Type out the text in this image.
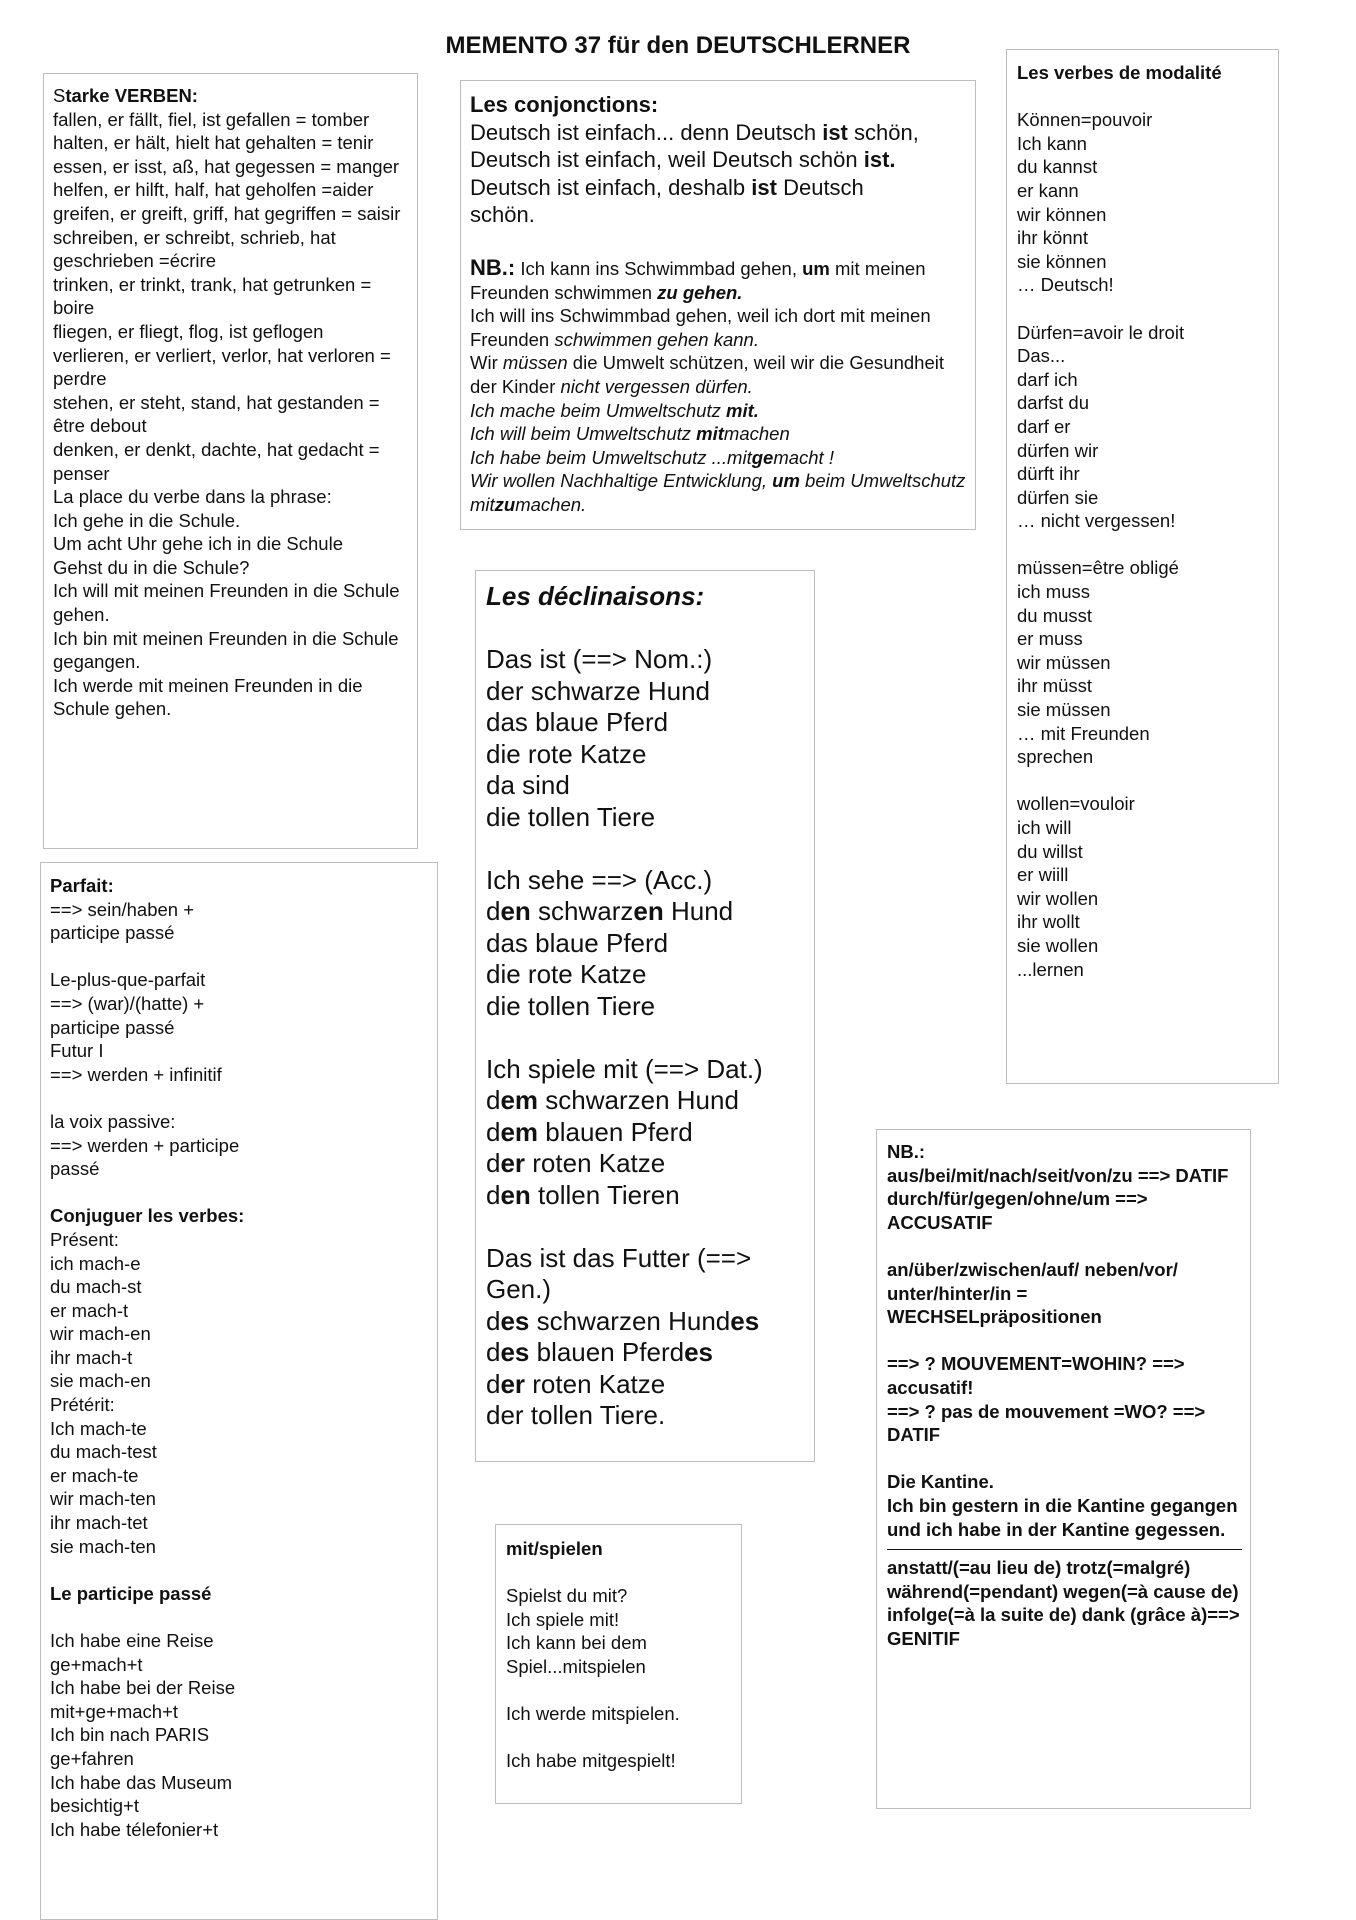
MEMENTO 37 für den DEUTSCHLERNER
Starke VERBEN:
fallen, er fällt, fiel, ist gefallen = tomber
halten, er hält, hielt hat gehalten = tenir
essen, er isst, aß, hat gegessen = manger
helfen, er hilft, half, hat geholfen =aider
greifen, er greift, griff, hat gegriffen = saisir
schreiben, er schreibt, schrieb, hat geschrieben =écrire
trinken, er trinkt, trank, hat getrunken = boire
fliegen, er fliegt, flog, ist geflogen
verlieren, er verliert, verlor, hat verloren = perdre
stehen, er steht, stand, hat gestanden = être debout
denken, er denkt, dachte, hat gedacht = penser
La place du verbe dans la phrase:
Ich gehe in die Schule.
Um acht Uhr gehe ich in die Schule
Gehst du in die Schule?
Ich will mit meinen Freunden in die Schule gehen.
Ich bin mit meinen Freunden in die Schule gegangen.
Ich werde mit meinen Freunden in die Schule gehen.
Les conjonctions:
Deutsch ist einfach... denn Deutsch ist schön,
Deutsch ist einfach, weil Deutsch schön ist.
Deutsch ist einfach, deshalb ist Deutsch
schön.
NB.: Ich kann ins Schwimmbad gehen, um mit meinen Freunden schwimmen zu gehen.
Ich will ins Schwimmbad gehen, weil ich dort mit meinen Freunden schwimmen gehen kann.
Wir müssen die Umwelt schützen, weil wir die Gesundheit der Kinder nicht vergessen dürfen.
Ich mache beim Umweltschutz mit.
Ich will beim Umweltschutz mitmachen
Ich habe beim Umweltschutz ...mitgemacht !
Wir wollen Nachhaltige Entwicklung, um beim Umweltschutz mitzumachen.
Les verbes de modalité
Können=pouvoir
Ich kann
du kannst
er kann
wir können
ihr könnt
sie können
… Deutsch!
Dürfen=avoir le droit
Das...
darf ich
darfst du
darf er
dürfen wir
dürft ihr
dürfen sie
… nicht vergessen!
müssen=être obligé
ich muss
du musst
er muss
wir müssen
ihr müsst
sie müssen
… mit Freunden
sprechen
wollen=vouloir
ich will
du willst
er wiill
wir wollen
ihr wollt
sie wollen
...lernen
Les déclinaisons:
Das ist (==> Nom.:)
der schwarze Hund
das blaue Pferd
die rote Katze
da sind
die tollen Tiere
Ich sehe ==> (Acc.)
den schwarzen Hund
das blaue Pferd
die rote Katze
die tollen Tiere
Ich spiele mit (==> Dat.)
dem schwarzen Hund
dem blauen Pferd
der roten Katze
den tollen Tieren
Das ist das Futter (==>
Gen.)
des schwarzen Hundes
des blauen Pferdes
der roten Katze
der tollen Tiere.
Parfait:
==> sein/haben +
participe passé
Le-plus-que-parfait
==> (war)/(hatte) +
participe passé
Futur I
==> werden + infinitif
la voix passive:
==> werden + participe
passé
Conjuguer les verbes:
Présent:
ich mach-e
du mach-st
er mach-t
wir mach-en
ihr mach-t
sie mach-en
Prétérit:
Ich mach-te
du mach-test
er mach-te
wir mach-ten
ihr mach-tet
sie mach-ten
Le participe passé
Ich habe eine Reise
ge+mach+t
Ich habe bei der Reise
mit+ge+mach+t
Ich bin nach PARIS
ge+fahren
Ich habe das Museum
besichtig+t
Ich habe télefonier+t
NB.:
aus/bei/mit/nach/seit/von/zu ==> DATIF
durch/für/gegen/ohne/um ==> ACCUSATIF
an/über/zwischen/auf/ neben/vor/ unter/hinter/in = WECHSELpräpositionen
==> ? MOUVEMENT=WOHIN? ==> accusatif!
==> ? pas de mouvement =WO? ==> DATIF
Die Kantine.
Ich bin gestern in die Kantine gegangen
und ich habe in der Kantine gegessen.
anstatt/(=au lieu de) trotz(=malgré) während(=pendant) wegen(=à cause de) infolge(=à la suite de) dank (grâce à)==> GENITIF
mit/spielen
Spielst du mit?
Ich spiele mit!
Ich kann bei dem
Spiel...mitspielen
Ich werde mitspielen.
Ich habe mitgespielt!
